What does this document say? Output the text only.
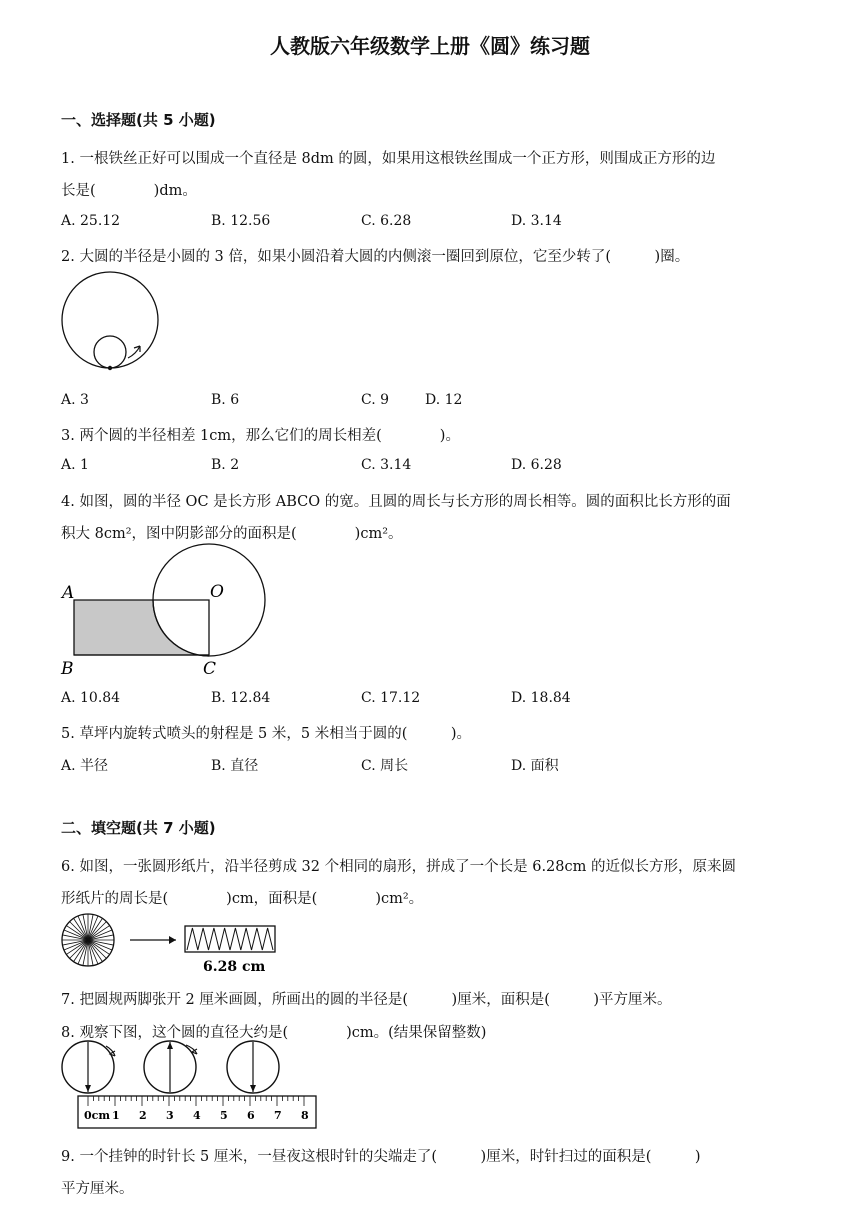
人教版六年级数学上册《圆》练习题
一、选择题(共 5 小题)
1. 一根铁丝正好可以围成一个直径是 8dm 的圆，如果用这根铁丝围成一个正方形，则围成正方形的边
长是(　　　　)dm。
A. 25.12	B. 12.56	C. 6.28	D. 3.14
2. 大圆的半径是小圆的 3 倍，如果小圆沿着大圆的内侧滚一圈回到原位，它至少转了(　　　)圈。
A. 3	B. 6	C. 9	D. 12
3. 两个圆的半径相差 1cm，那么它们的周长相差(　　　　)。
A. 1	B. 2	C. 3.14	D. 6.28
4. 如图，圆的半径 OC 是长方形 ABCO 的宽。且圆的周长与长方形的周长相等。圆的面积比长方形的面
积大 8cm²，图中阴影部分的面积是(　　　　)cm²。
A	O
B	C
A. 10.84	B. 12.84	C. 17.12	D. 18.84
5. 草坪内旋转式喷头的射程是 5 米，5 米相当于圆的(　　　)。
A. 半径	B. 直径	C. 周长	D. 面积
二、填空题(共 7 小题)
6. 如图，一张圆形纸片，沿半径剪成 32 个相同的扇形，拼成了一个长是 6.28cm 的近似长方形，原来圆
形纸片的周长是(　　　　)cm，面积是(　　　　)cm²。
6.28 cm
7. 把圆规两脚张开 2 厘米画圆，所画出的圆的半径是(　　　)厘米，面积是(　　　)平方厘米。
8. 观察下图，这个圆的直径大约是(　　　　)cm。(结果保留整数)
0cm 1 2 3 4 5 6 7 8
9. 一个挂钟的时针长 5 厘米，一昼夜这根时针的尖端走了(　　　)厘米，时针扫过的面积是(　　　)
平方厘米。
